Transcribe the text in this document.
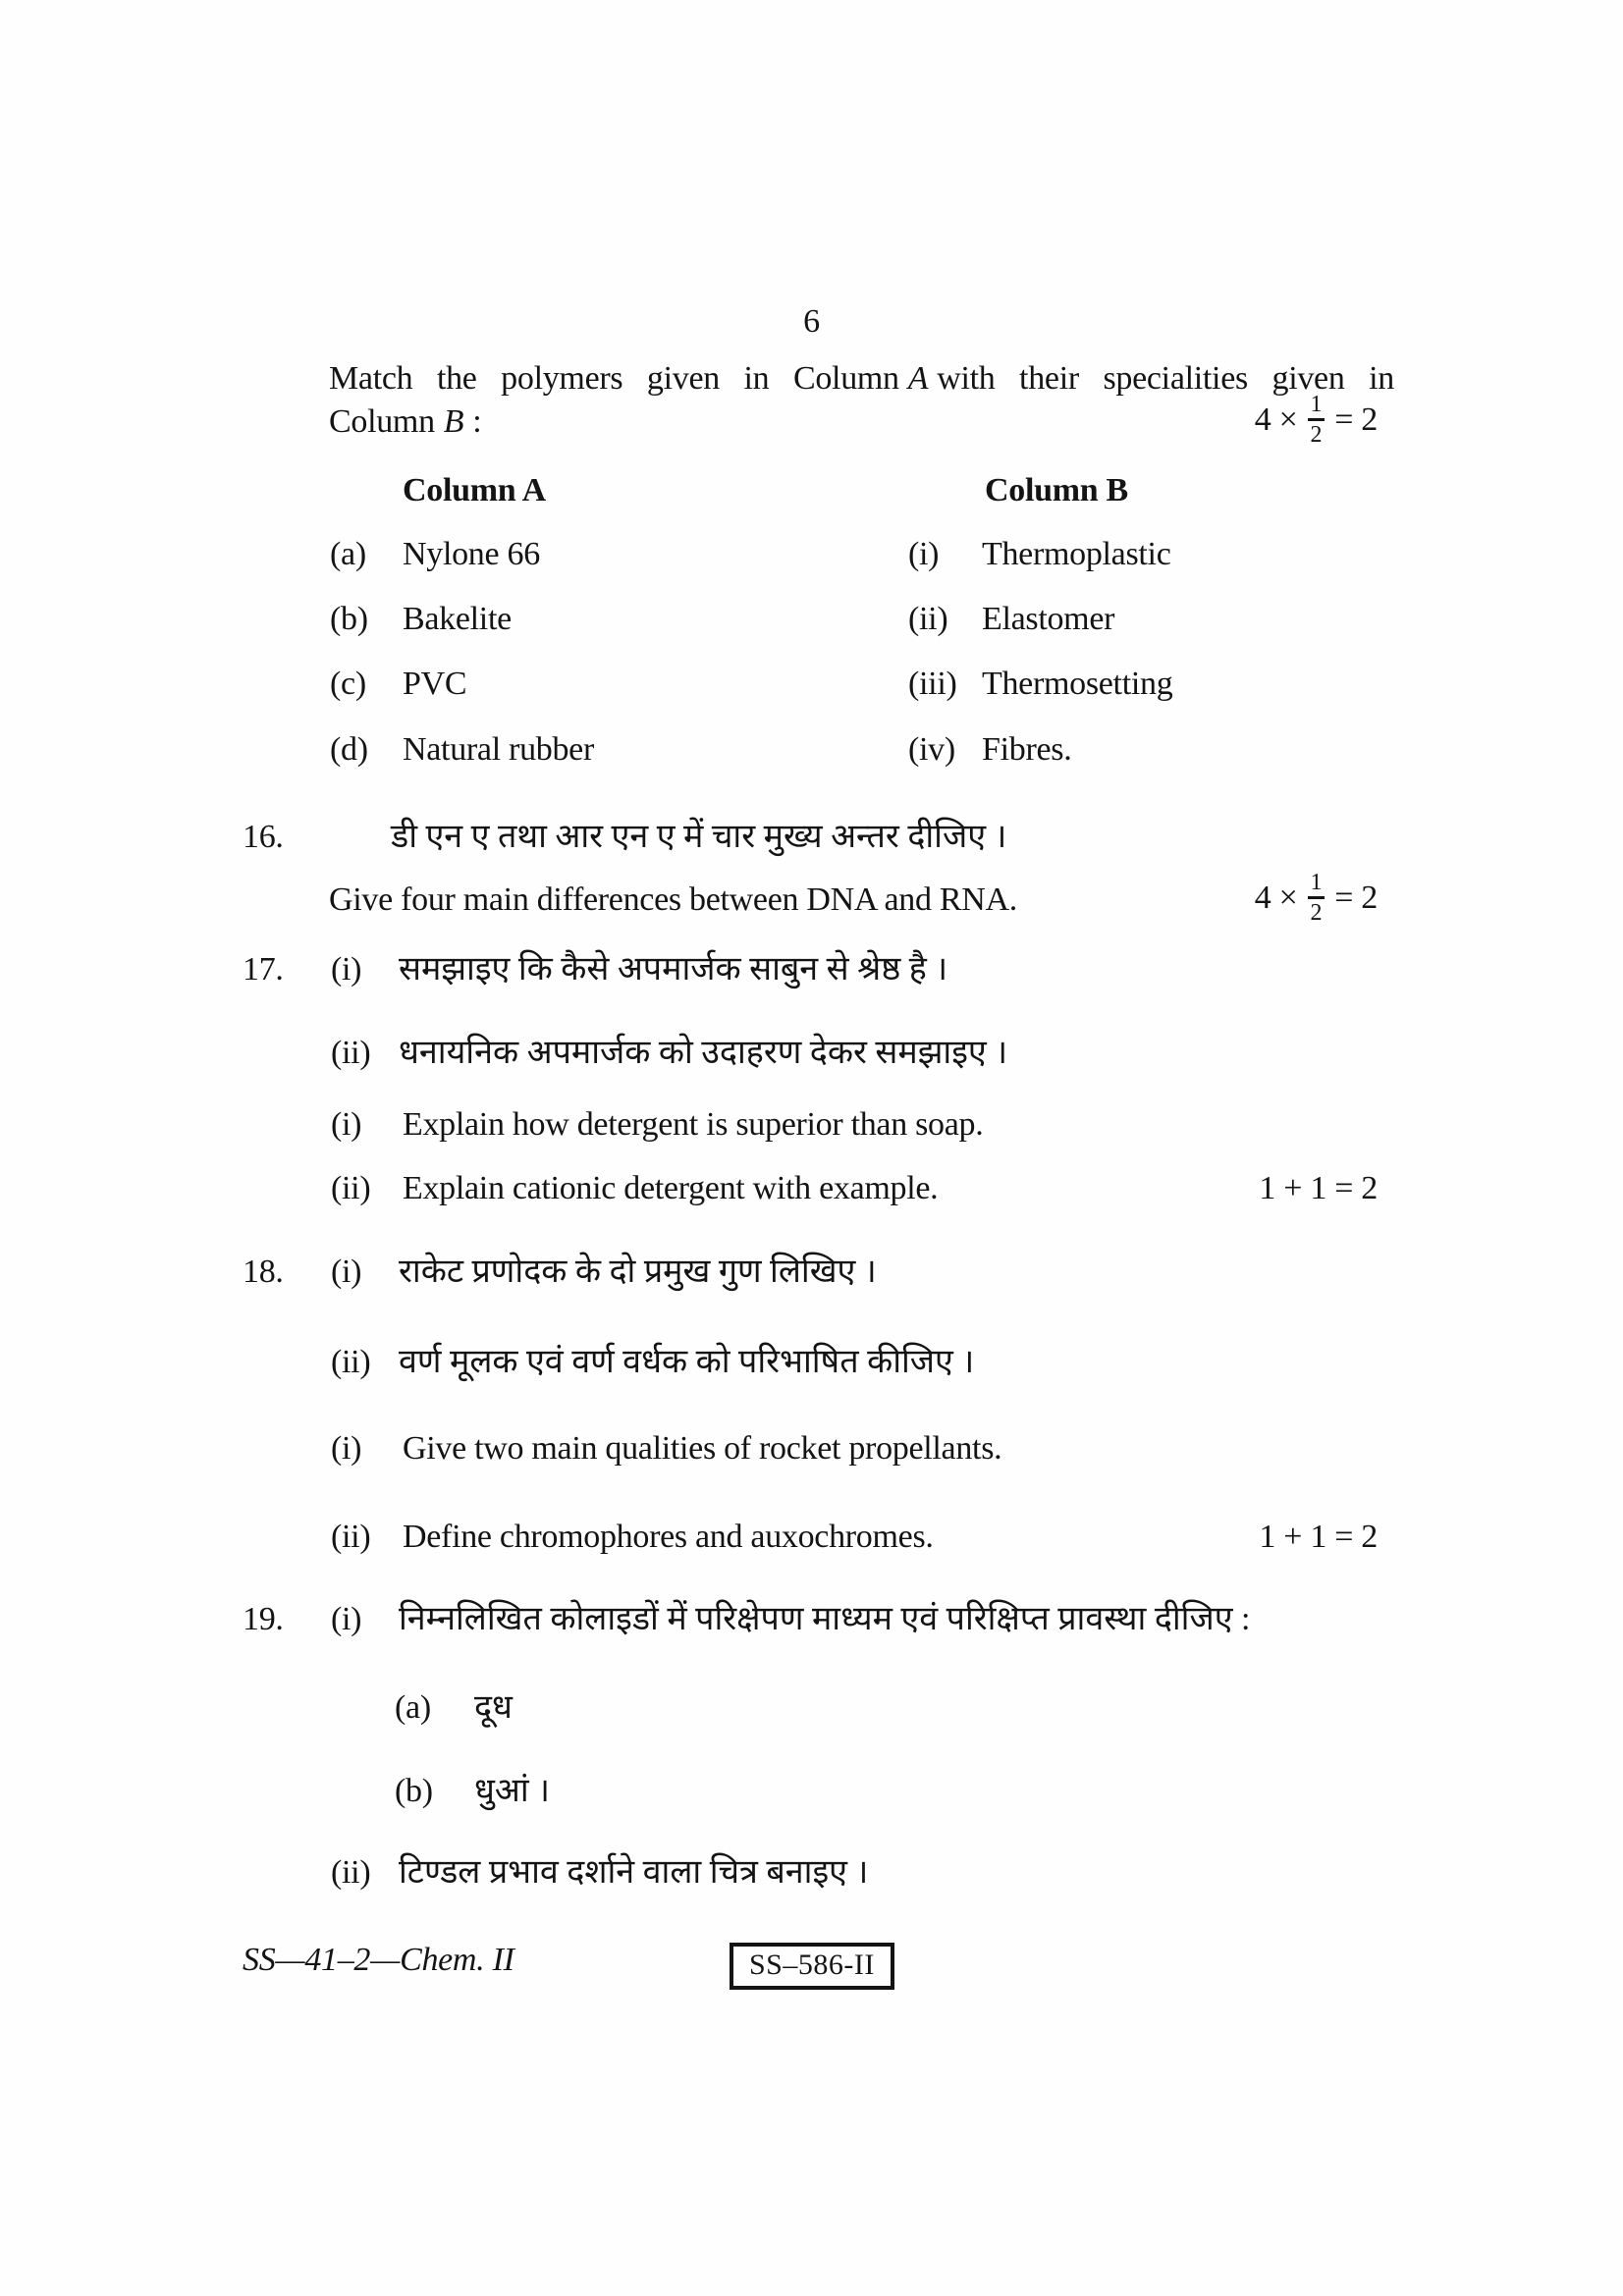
6
Match the polymers given in Column A with their specialities given in
Column B :	$4 \times \frac{1}{2} = 2$
Column A	Column B
(a) Nylone 66	(i) Thermoplastic
(b) Bakelite	(ii) Elastomer
(c) PVC	(iii) Thermosetting
(d) Natural rubber	(iv) Fibres.
16.	डी एन ए तथा आर एन ए में चार मुख्य अन्तर दीजिए ।
Give four main differences between DNA and RNA.	$4 \times \frac{1}{2} = 2$
17. (i) समझाइए कि कैसे अपमार्जक साबुन से श्रेष्ठ है ।
(ii) धनायनिक अपमार्जक को उदाहरण देकर समझाइए ।
(i) Explain how detergent is superior than soap.
(ii) Explain cationic detergent with example.	1 + 1 = 2
18. (i) राकेट प्रणोदक के दो प्रमुख गुण लिखिए ।
(ii) वर्ण मूलक एवं वर्ण वर्धक को परिभाषित कीजिए ।
(i) Give two main qualities of rocket propellants.
(ii) Define chromophores and auxochromes.	1 + 1 = 2
19. (i) निम्नलिखित कोलाइडों में परिक्षेपण माध्यम एवं परिक्षिप्त प्रावस्था दीजिए :
(a) दूध
(b) धुआं ।
(ii) टिण्डल प्रभाव दर्शाने वाला चित्र बनाइए ।
SS—41–2—Chem. II	SS–586-II
